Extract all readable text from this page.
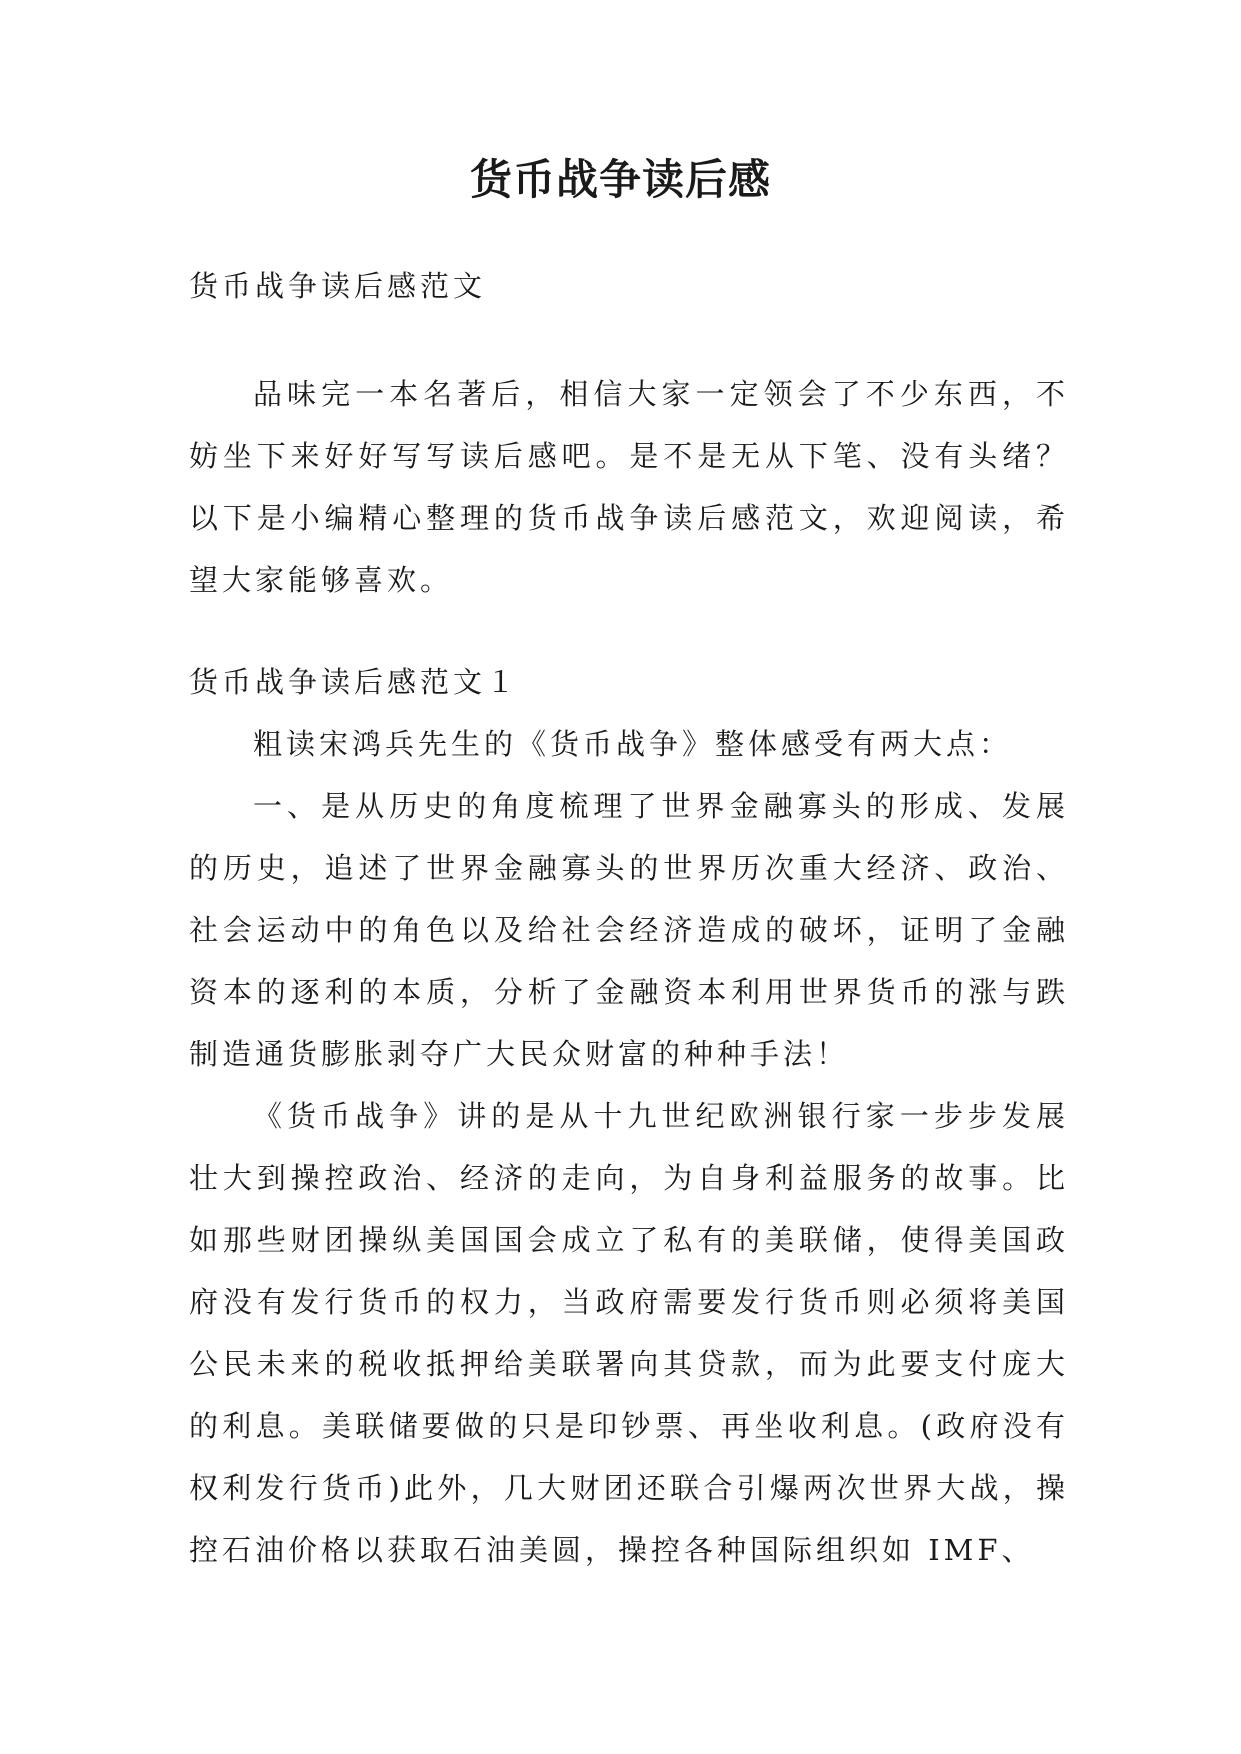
货币战争读后感

货币战争读后感范文

品味完一本名著后，相信大家一定领会了不少东西，不妨坐下来好好写写读后感吧。是不是无从下笔、没有头绪？以下是小编精心整理的货币战争读后感范文，欢迎阅读，希望大家能够喜欢。

货币战争读后感范文１

粗读宋鸿兵先生的《货币战争》整体感受有两大点：

一、是从历史的角度梳理了世界金融寡头的形成、发展的历史，追述了世界金融寡头的世界历次重大经济、政治、社会运动中的角色以及给社会经济造成的破坏，证明了金融资本的逐利的本质，分析了金融资本利用世界货币的涨与跌制造通货膨胀剥夺广大民众财富的种种手法！

《货币战争》讲的是从十九世纪欧洲银行家一步步发展壮大到操控政治、经济的走向，为自身利益服务的故事。比如那些财团操纵美国国会成立了私有的美联储，使得美国政府没有发行货币的权力，当政府需要发行货币则必须将美国公民未来的税收抵押给美联署向其贷款，而为此要支付庞大的利息。美联储要做的只是印钞票、再坐收利息。(政府没有权利发行货币)此外，几大财团还联合引爆两次世界大战，操控石油价格以获取石油美圆，操控各种国际组织如 IMF、
